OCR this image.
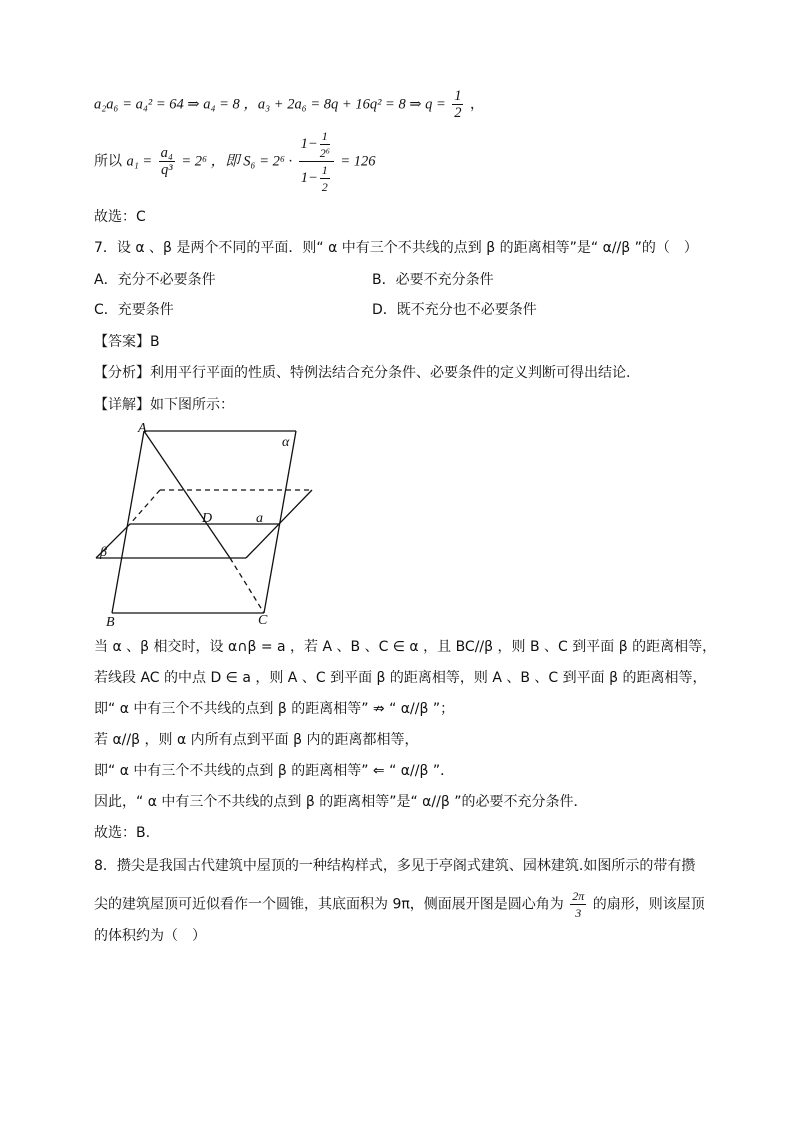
a₂a₆ = a₄² = 64 ⇒ a₄ = 8 ，a₃ + 2a₆ = 8q + 16q² = 8 ⇒ $q = \frac{1}{2}$ ，
所以 $a_1 = \frac{\text{a₄}}{\text{q³}} = 2^6$ ，即 $S_6 = 2^6 \cdot \frac{1- \frac{1}{\text{2⁶}}}{1- \frac{1}{2}} = 126$
故选：C
7．设 α 、β 是两个不同的平面．则“ α 中有三个不共线的点到 β 的距离相等”是“ α//β ”的（　）
A．充分不必要条件	B．必要不充分条件
C．充要条件	D．既不充分也不必要条件
【答案】B
【分析】利用平行平面的性质、特例法结合充分条件、必要条件的定义判断可得出结论.
【详解】如下图所示：
A
α
D	a
β
B	C
当 α 、β 相交时，设 α∩β = a ，若 A 、B 、C ∈ α ，且 BC//β ，则 B 、C 到平面 β 的距离相等，
若线段 AC 的中点 D ∈ a ，则 A 、C 到平面 β 的距离相等，则 A 、B 、C 到平面 β 的距离相等，
即“ α 中有三个不共线的点到 β 的距离相等” ⇏ “ α//β ”；
若 α//β ，则 α 内所有点到平面 β 内的距离都相等，
即“ α 中有三个不共线的点到 β 的距离相等” ⇐ “ α//β ”．
因此，“ α 中有三个不共线的点到 β 的距离相等”是“ α//β ”的必要不充分条件．
故选：B.
8．攒尖是我国古代建筑中屋顶的一种结构样式，多见于亭阁式建筑、园林建筑.如图所示的带有攒
尖的建筑屋顶可近似看作一个圆锥，其底面积为 9π，侧面展开图是圆心角为 $\frac{2\pi}{3}$ 的扇形，则该屋顶
的体积约为（　）
